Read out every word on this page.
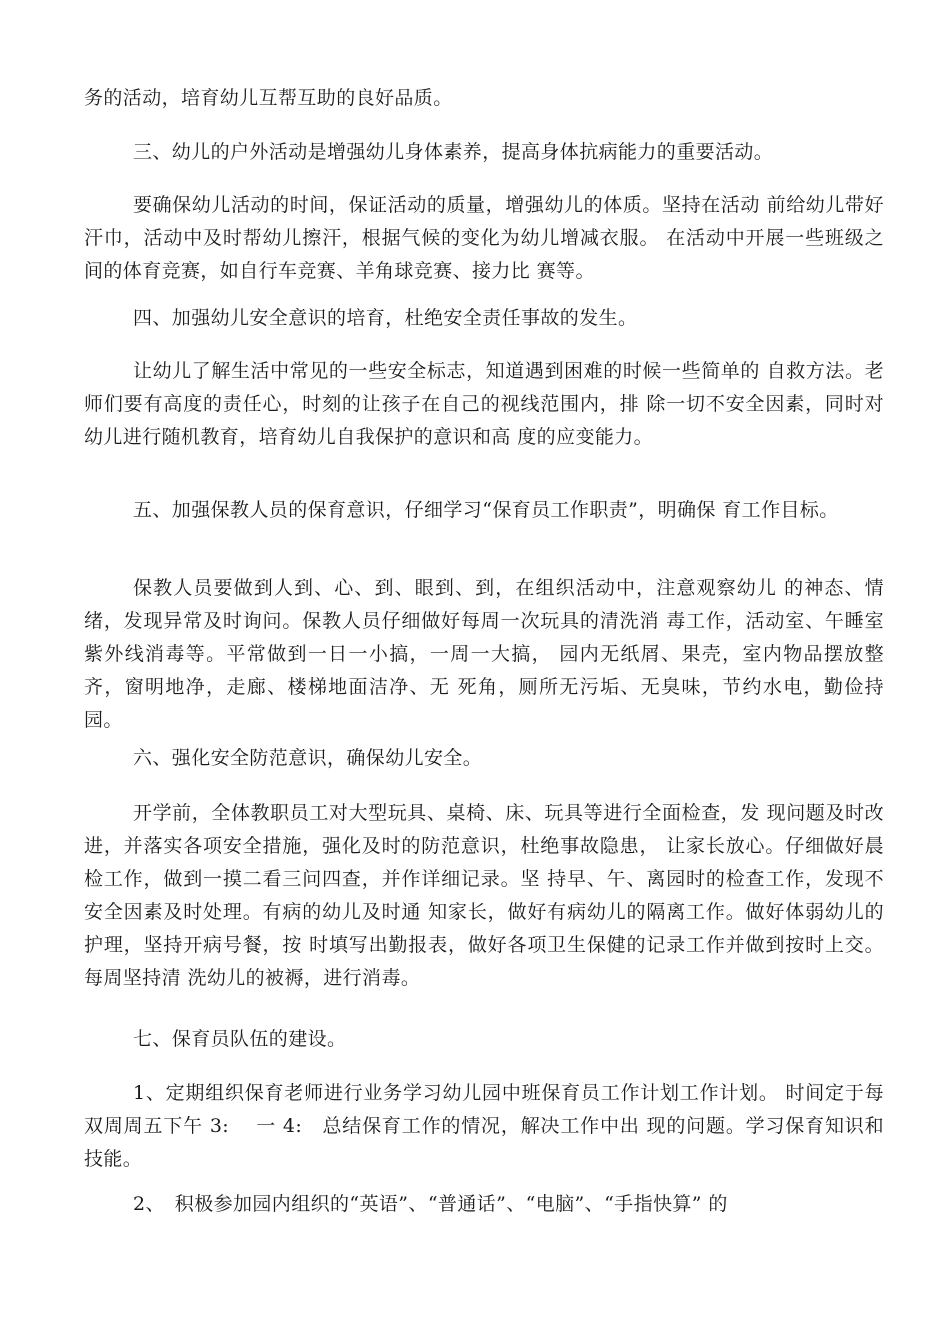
务的活动，培育幼儿互帮互助的良好品质。

三、幼儿的户外活动是增强幼儿身体素养，提高身体抗病能力的重要活动。

要确保幼儿活动的时间，保证活动的质量，增强幼儿的体质。坚持在活动 前给幼儿带好汗巾，活动中及时帮幼儿擦汗，根据气候的变化为幼儿增减衣服。 在活动中开展一些班级之间的体育竞赛，如自行车竞赛、羊角球竞赛、接力比 赛等。

四、加强幼儿安全意识的培育，杜绝安全责任事故的发生。

让幼儿了解生活中常见的一些安全标志，知道遇到困难的时候一些简单的 自救方法。老师们要有高度的责任心，时刻的让孩子在自己的视线范围内，排 除一切不安全因素，同时对幼儿进行随机教育，培育幼儿自我保护的意识和高 度的应变能力。

五、加强保教人员的保育意识，仔细学习“保育员工作职责”，明确保 育工作目标。

保教人员要做到人到、心、到、眼到、到，在组织活动中，注意观察幼儿 的神态、情绪，发现异常及时询问。保教人员仔细做好每周一次玩具的清洗消 毒工作，活动室、午睡室紫外线消毒等。平常做到一日一小搞，一周一大搞， 园内无纸屑、果壳，室内物品摆放整齐，窗明地净，走廊、楼梯地面洁净、无 死角，厕所无污垢、无臭味，节约水电，勤俭持园。

六、强化安全防范意识，确保幼儿安全。

开学前，全体教职员工对大型玩具、桌椅、床、玩具等进行全面检查，发 现问题及时改进，并落实各项安全措施，强化及时的防范意识，杜绝事故隐患， 让家长放心。仔细做好晨检工作，做到一摸二看三问四查，并作详细记录。坚 持早、午、离园时的检查工作，发现不安全因素及时处理。有病的幼儿及时通 知家长，做好有病幼儿的隔离工作。做好体弱幼儿的护理，坚持开病号餐，按 时填写出勤报表，做好各项卫生保健的记录工作并做到按时上交。每周坚持清 洗幼儿的被褥，进行消毒。

七、保育员队伍的建设。

1、定期组织保育老师进行业务学习幼儿园中班保育员工作计划工作计划。 时间定于每双周周五下午 3:　 一 4:　总结保育工作的情况，解决工作中出 现的问题。学习保育知识和技能。

2、　积极参加园内组织的“英语”、“普通话”、“电脑”、“手指快算” 的
